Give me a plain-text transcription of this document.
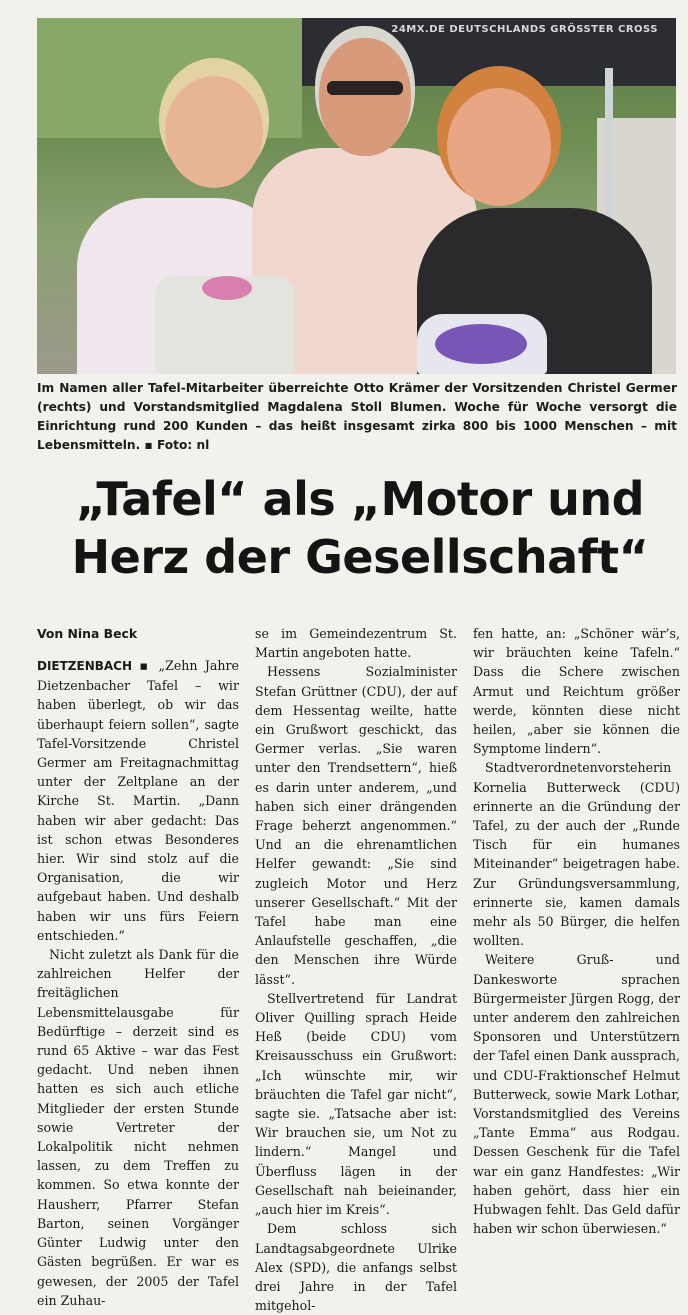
24MX.DE DEUTSCHLANDS GRÖSSTER CROSS

Im Namen aller Tafel-Mitarbeiter überreichte Otto Krämer der Vorsitzenden Christel Germer (rechts) und Vorstandsmitglied Magdalena Stoll Blumen. Woche für Woche versorgt die Einrichtung rund 200 Kunden – das heißt insgesamt zirka 800 bis 1000 Menschen – mit Lebensmitteln. ▪ Foto: nl

„Tafel“ als „Motor und
Herz der Gesellschaft“
Von Nina Beck

DIETZENBACH ▪ „Zehn Jahre Dietzenbacher Tafel – wir haben überlegt, ob wir das überhaupt feiern sollen“, sagte Tafel-Vorsitzende Christel Germer am Freitagnachmittag unter der Zeltplane an der Kirche St. Martin. „Dann haben wir aber gedacht: Das ist schon etwas Besonderes hier. Wir sind stolz auf die Organisation, die wir aufgebaut haben. Und deshalb haben wir uns fürs Feiern entschieden.“

Nicht zuletzt als Dank für die zahlreichen Helfer der freitäglichen Lebensmittelausgabe für Bedürftige – derzeit sind es rund 65 Aktive – war das Fest gedacht. Und neben ihnen hatten es sich auch etliche Mitglieder der ersten Stunde sowie Vertreter der Lokalpolitik nicht nehmen lassen, zu dem Treffen zu kommen. So etwa konnte der Hausherr, Pfarrer Stefan Barton, seinen Vorgänger Günter Ludwig unter den Gästen begrüßen. Er war es gewesen, der 2005 der Tafel ein Zuhau-

se im Gemeindezentrum St. Martin angeboten hatte.

Hessens Sozialminister Stefan Grüttner (CDU), der auf dem Hessentag weilte, hatte ein Grußwort geschickt, das Germer verlas. „Sie waren unter den Trendsettern“, hieß es darin unter anderem, „und haben sich einer drängenden Frage beherzt angenommen.“ Und an die ehrenamtlichen Helfer gewandt: „Sie sind zugleich Motor und Herz unserer Gesellschaft.“ Mit der Tafel habe man eine Anlaufstelle geschaffen, „die den Menschen ihre Würde lässt“.

Stellvertretend für Landrat Oliver Quilling sprach Heide Heß (beide CDU) vom Kreisausschuss ein Grußwort: „Ich wünschte mir, wir bräuchten die Tafel gar nicht“, sagte sie. „Tatsache aber ist: Wir brauchen sie, um Not zu lindern.“ Mangel und Überfluss lägen in der Gesellschaft nah beieinander, „auch hier im Kreis“.

Dem schloss sich Landtagsabgeordnete Ulrike Alex (SPD), die anfangs selbst drei Jahre in der Tafel mitgehol-

fen hatte, an: „Schöner wär’s, wir bräuchten keine Tafeln.“ Dass die Schere zwischen Armut und Reichtum größer werde, könnten diese nicht heilen, „aber sie können die Symptome lindern“.

Stadtverordnetenvorsteherin Kornelia Butterweck (CDU) erinnerte an die Gründung der Tafel, zu der auch der „Runde Tisch für ein humanes Miteinander“ beigetragen habe. Zur Gründungsversammlung, erinnerte sie, kamen damals mehr als 50 Bürger, die helfen wollten.

Weitere Gruß- und Dankesworte sprachen Bürgermeister Jürgen Rogg, der unter anderem den zahlreichen Sponsoren und Unterstützern der Tafel einen Dank aussprach, und CDU-Fraktionschef Helmut Butterweck, sowie Mark Lothar, Vorstandsmitglied des Vereins „Tante Emma“ aus Rodgau. Dessen Geschenk für die Tafel war ein ganz Handfestes: „Wir haben gehört, dass hier ein Hubwagen fehlt. Das Geld dafür haben wir schon überwiesen.“
